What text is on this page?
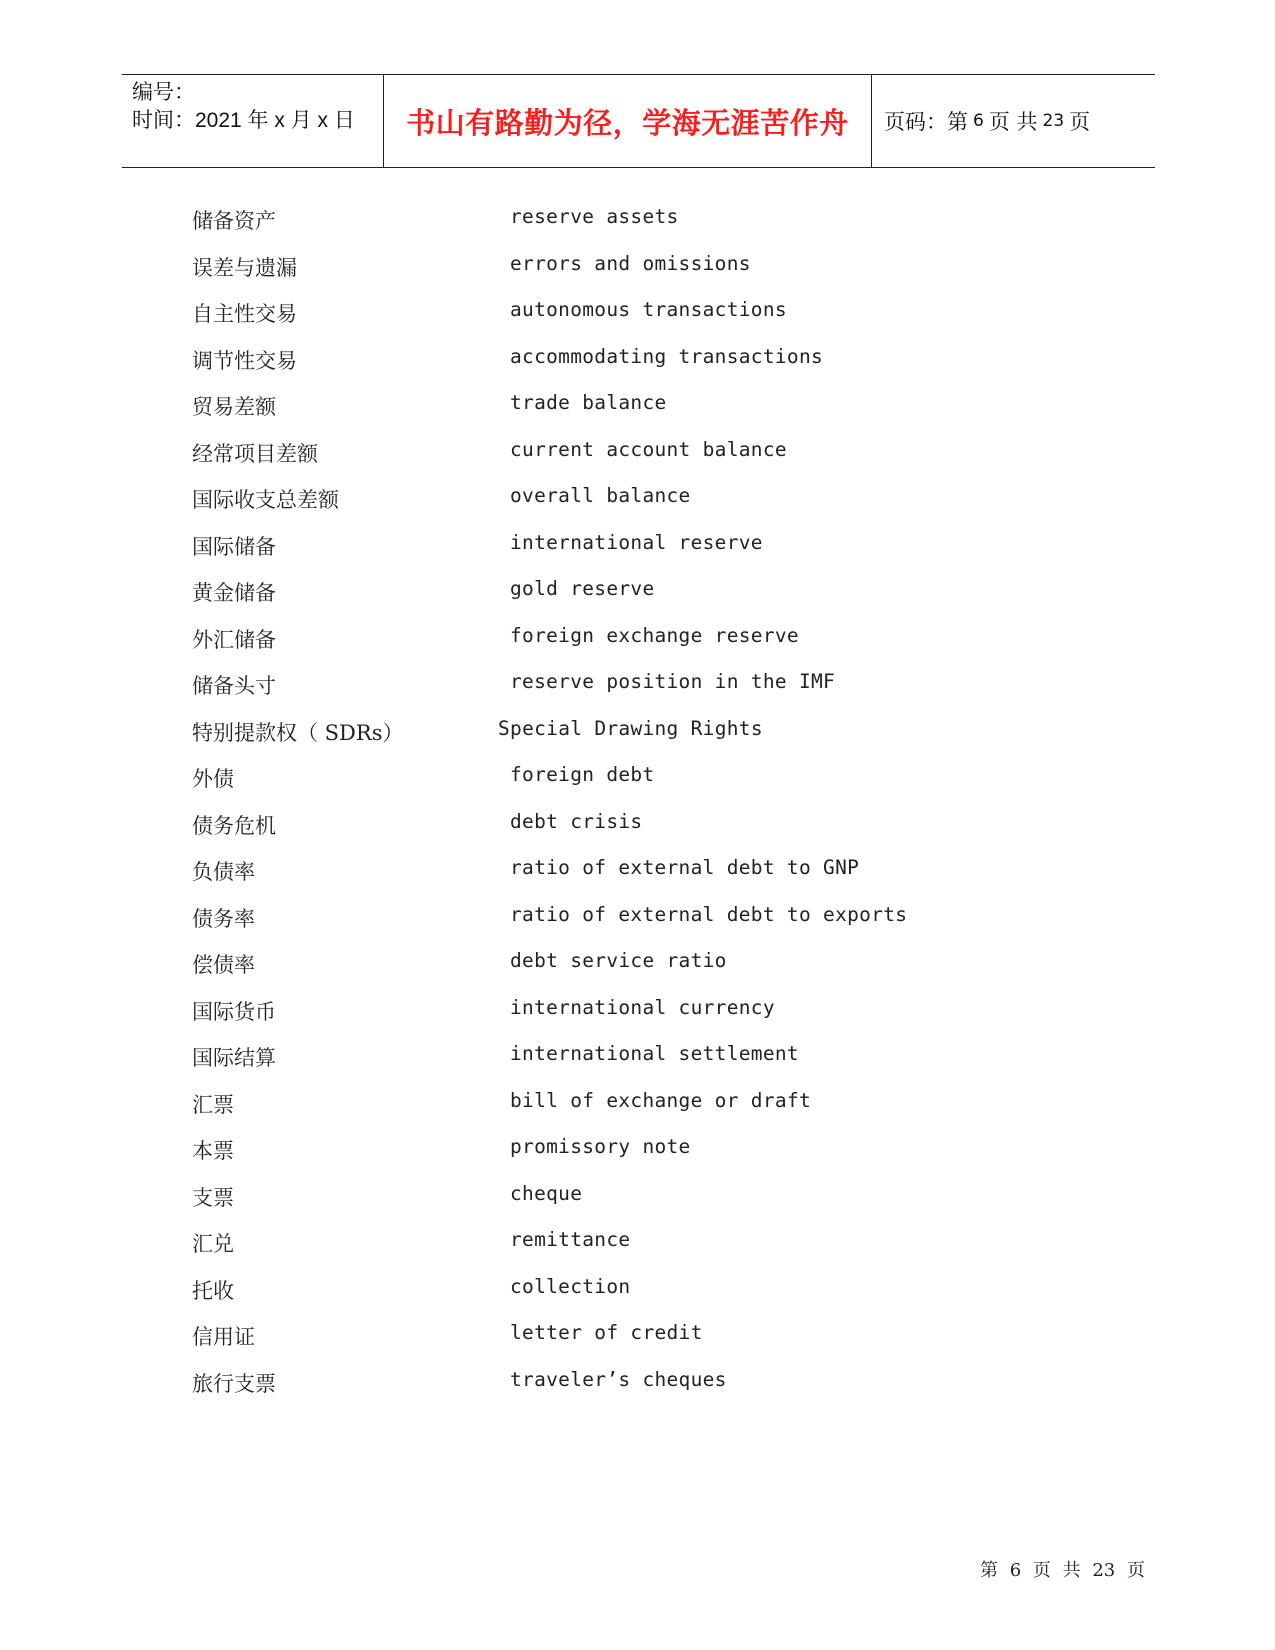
编号：
时间：2021 年 x 月 x 日	书山有路勤为径，学海无涯苦作舟	页码：第 6 页 共 23 页
储备资产	reserve assets
误差与遗漏	errors and omissions
自主性交易	autonomous transactions
调节性交易	accommodating transactions
贸易差额	trade balance
经常项目差额	current account balance
国际收支总差额	overall balance
国际储备	international reserve
黄金储备	gold reserve
外汇储备	foreign exchange reserve
储备头寸	reserve position in the IMF
特别提款权（ SDRs）	Special Drawing Rights
外债	foreign debt
债务危机	debt crisis
负债率	ratio of external debt to GNP
债务率	ratio of external debt to exports
偿债率	debt service ratio
国际货币	international currency
国际结算	international settlement
汇票	bill of exchange or draft
本票	promissory note
支票	cheque
汇兑	remittance
托收	collection
信用证	letter of credit
旅行支票	traveler’s cheques
第 6 页 共 23 页
